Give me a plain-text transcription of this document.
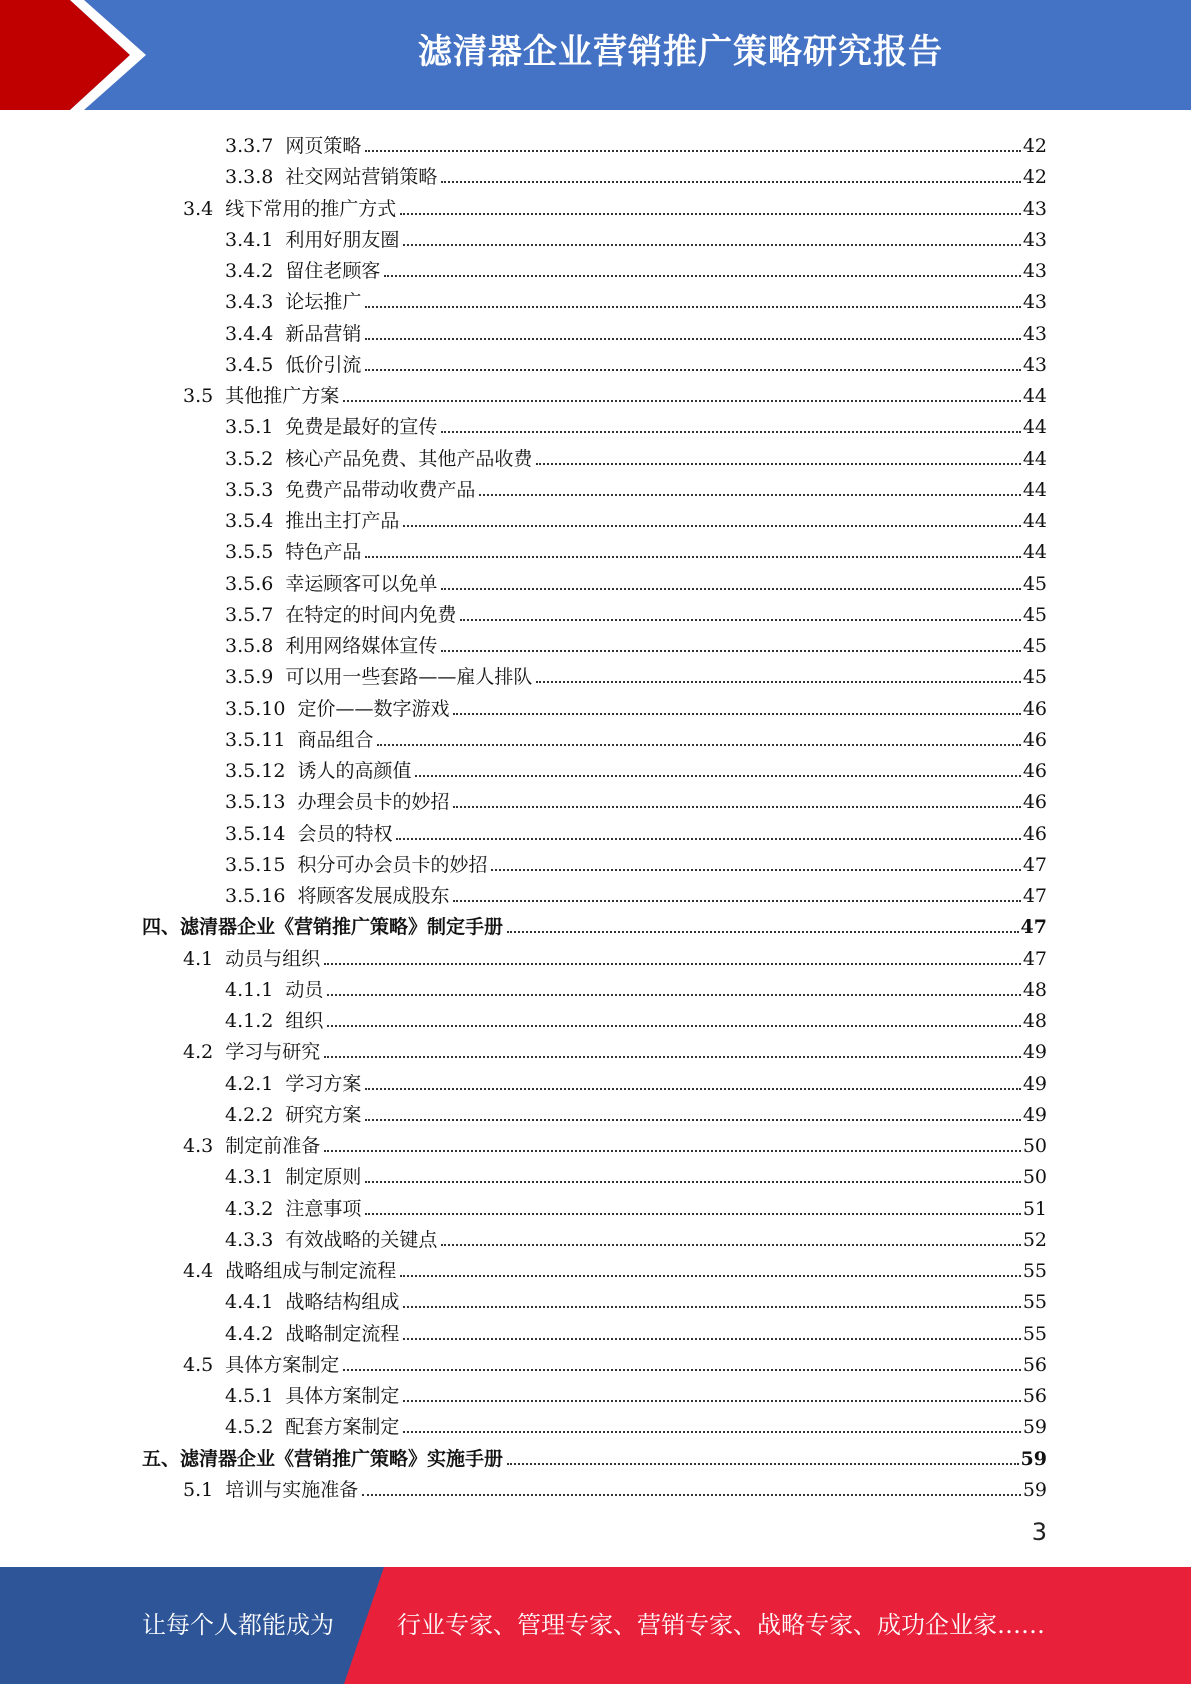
滤清器企业营销推广策略研究报告
3.3.7 网页策略	42
3.3.8 社交网站营销策略	42
3.4 线下常用的推广方式	43
3.4.1 利用好朋友圈	43
3.4.2 留住老顾客	43
3.4.3 论坛推广	43
3.4.4 新品营销	43
3.4.5 低价引流	43
3.5 其他推广方案	44
3.5.1 免费是最好的宣传	44
3.5.2 核心产品免费、其他产品收费	44
3.5.3 免费产品带动收费产品	44
3.5.4 推出主打产品	44
3.5.5 特色产品	44
3.5.6 幸运顾客可以免单	45
3.5.7 在特定的时间内免费	45
3.5.8 利用网络媒体宣传	45
3.5.9 可以用一些套路——雇人排队	45
3.5.10 定价——数字游戏	46
3.5.11 商品组合	46
3.5.12 诱人的高颜值	46
3.5.13 办理会员卡的妙招	46
3.5.14 会员的特权	46
3.5.15 积分可办会员卡的妙招	47
3.5.16 将顾客发展成股东	47
四、滤清器企业《营销推广策略》制定手册	47
4.1 动员与组织	47
4.1.1 动员	48
4.1.2 组织	48
4.2 学习与研究	49
4.2.1 学习方案	49
4.2.2 研究方案	49
4.3 制定前准备	50
4.3.1 制定原则	50
4.3.2 注意事项	51
4.3.3 有效战略的关键点	52
4.4 战略组成与制定流程	55
4.4.1 战略结构组成	55
4.4.2 战略制定流程	55
4.5 具体方案制定	56
4.5.1 具体方案制定	56
4.5.2 配套方案制定	59
五、滤清器企业《营销推广策略》实施手册	59
5.1 培训与实施准备	59
3
让每个人都能成为	行业专家、管理专家、营销专家、战略专家、成功企业家……
